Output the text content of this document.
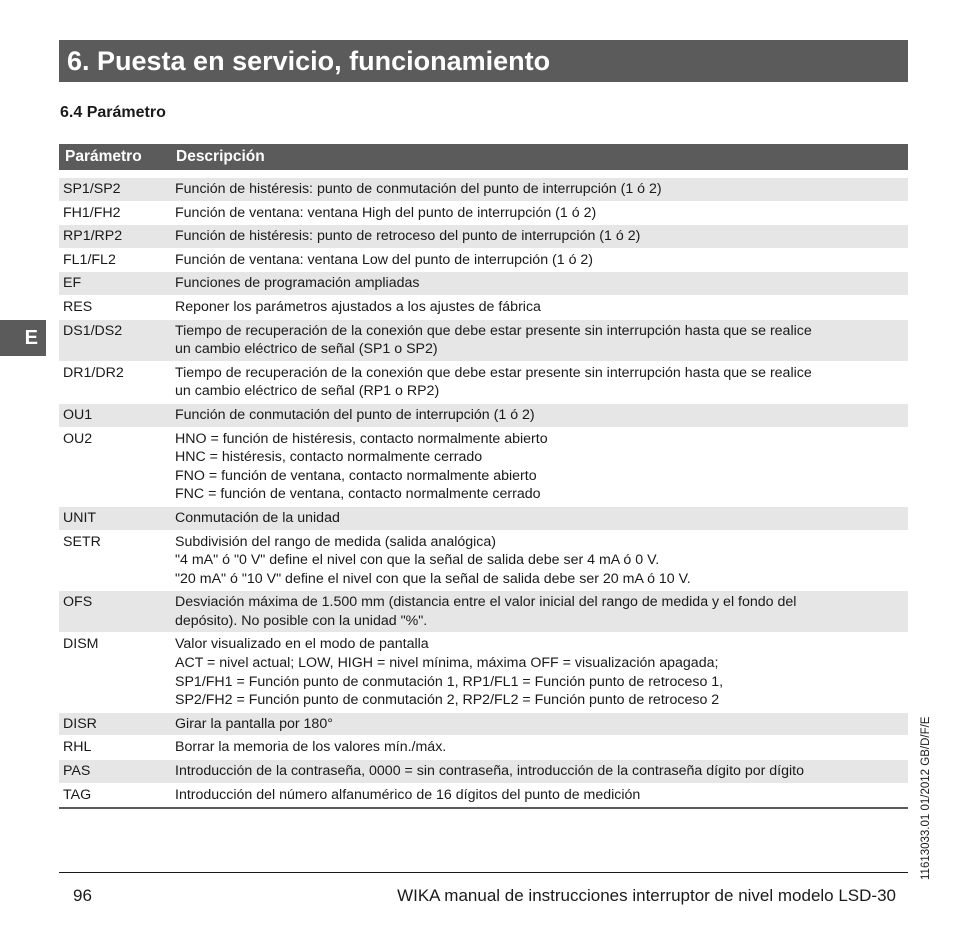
6. Puesta en servicio, funcionamiento
6.4 Parámetro
E
Parámetro	Descripción
SP1/SP2	Función de histéresis: punto de conmutación del punto de interrupción (1 ó 2)
FH1/FH2	Función de ventana: ventana High del punto de interrupción (1 ó 2)
RP1/RP2	Función de histéresis: punto de retroceso del punto de interrupción (1 ó 2)
FL1/FL2	Función de ventana: ventana Low del punto de interrupción (1 ó 2)
EF	Funciones de programación ampliadas
RES	Reponer los parámetros ajustados a los ajustes de fábrica
DS1/DS2	Tiempo de recuperación de la conexión que debe estar presente sin interrupción hasta que se realice
un cambio eléctrico de señal (SP1 o SP2)
DR1/DR2	Tiempo de recuperación de la conexión que debe estar presente sin interrupción hasta que se realice
un cambio eléctrico de señal (RP1 o RP2)
OU1	Función de conmutación del punto de interrupción (1 ó 2)
OU2	HNO = función de histéresis, contacto normalmente abierto
HNC = histéresis, contacto normalmente cerrado
FNO = función de ventana, contacto normalmente abierto
FNC = función de ventana, contacto normalmente cerrado
UNIT	Conmutación de la unidad
SETR	Subdivisión del rango de medida (salida analógica)
"4 mA" ó "0 V" define el nivel con que la señal de salida debe ser 4 mA ó 0 V.
"20 mA" ó "10 V" define el nivel con que la señal de salida debe ser 20 mA ó 10 V.
OFS	Desviación máxima de 1.500 mm (distancia entre el valor inicial del rango de medida y el fondo del
depósito). No posible con la unidad "%".
DISM	Valor visualizado en el modo de pantalla
ACT = nivel actual; LOW, HIGH = nivel mínima, máxima OFF = visualización apagada;
SP1/FH1 = Función punto de conmutación 1, RP1/FL1 = Función punto de retroceso 1,
SP2/FH2 = Función punto de conmutación 2, RP2/FL2 = Función punto de retroceso 2
DISR	Girar la pantalla por 180°
RHL	Borrar la memoria de los valores mín./máx.
PAS	Introducción de la contraseña, 0000 = sin contraseña, introducción de la contraseña dígito por dígito
TAG	Introducción del número alfanumérico de 16 dígitos del punto de medición
96	WIKA manual de instrucciones interruptor de nivel modelo LSD-30
11613033.01 01/2012 GB/D/F/E
